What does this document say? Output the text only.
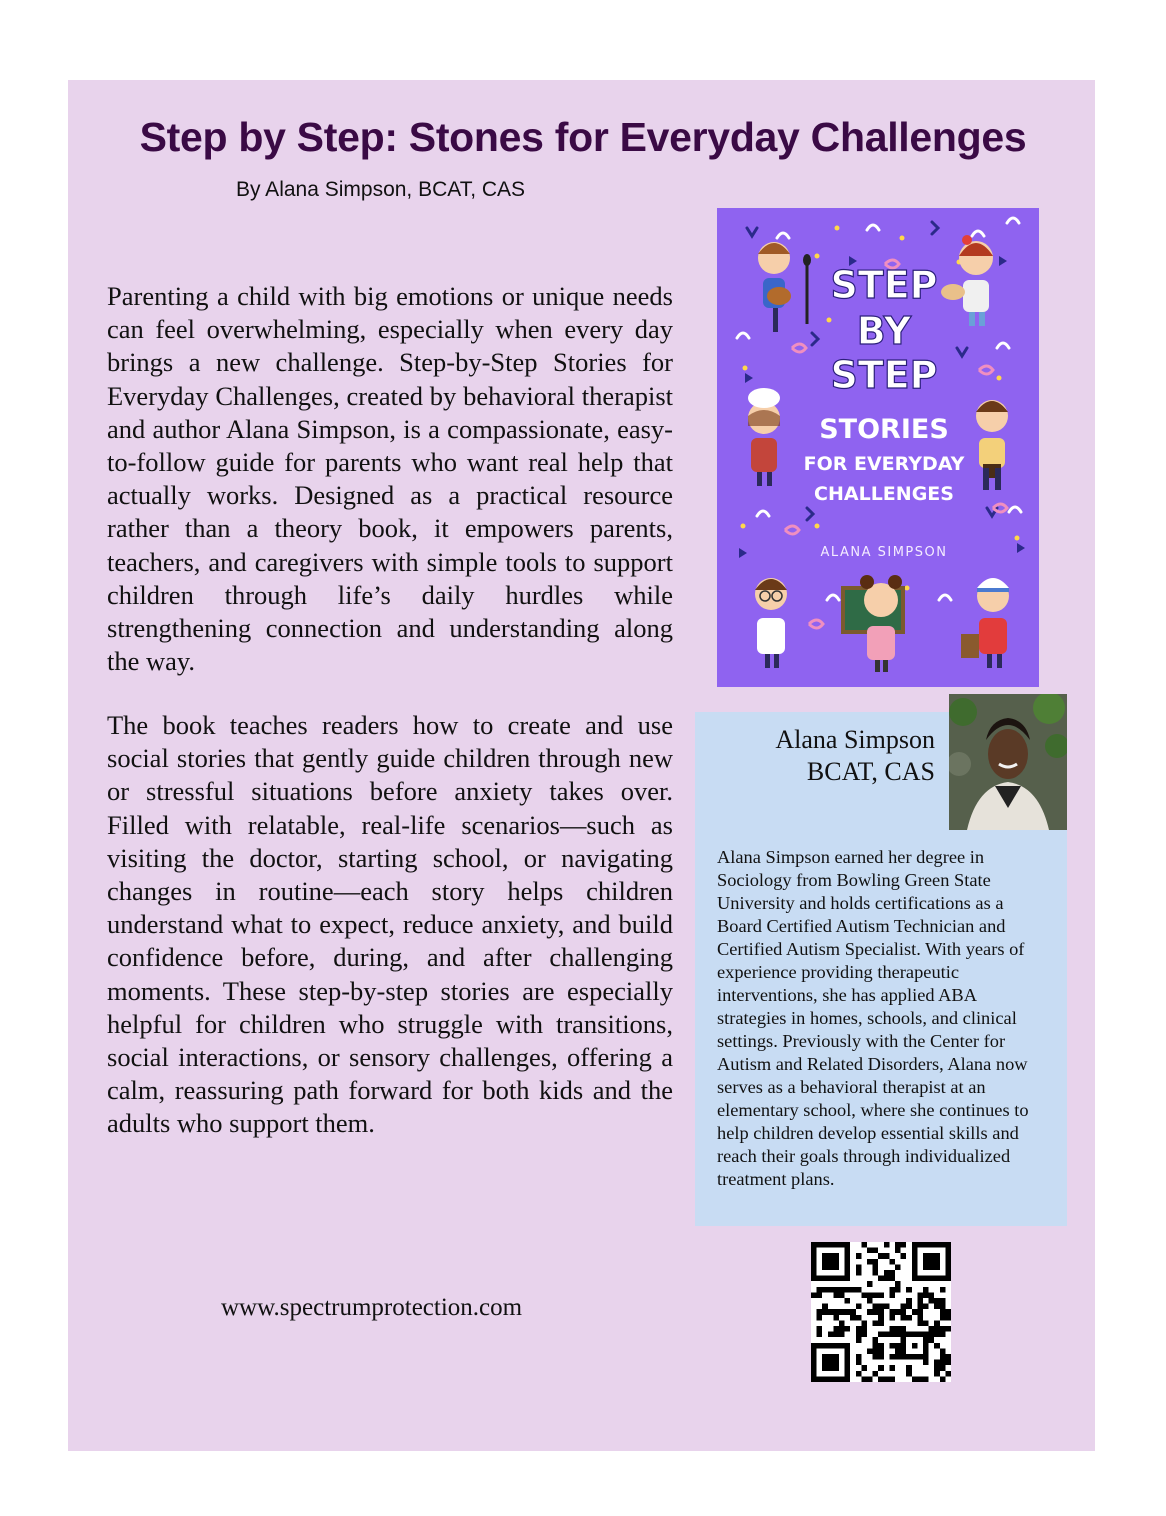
Step by Step: Stones for Everyday Challenges
By Alana Simpson, BCAT, CAS
Parenting a child with big emotions or unique needs can feel overwhelming, especially when every day brings a new challenge. Step-by-Step Stories for Everyday Challenges, created by behavioral therapist and author Alana Simpson, is a compassionate, easy-to-follow guide for parents who want real help that actually works. Designed as a practical resource rather than a theory book, it empowers parents, teachers, and caregivers with simple tools to support children through life’s daily hurdles while strengthening connection and understanding along the way.
The book teaches readers how to create and use social stories that gently guide children through new or stressful situations before anxiety takes over. Filled with relatable, real-life scenarios—such as visiting the doctor, starting school, or navigating changes in routine—each story helps children understand what to expect, reduce anxiety, and build confidence before, during, and after challenging moments. These step-by-step stories are especially helpful for children who struggle with transitions, social interactions, or sensory challenges, offering a calm, reassuring path forward for both kids and the adults who support them.
STEP
BY
STEP
STORIES
FOR EVERYDAY
CHALLENGES
ALANA SIMPSON
Alana Simpson
BCAT, CAS
Alana Simpson earned her degree in Sociology from Bowling Green State University and holds certifications as a Board Certified Autism Technician and Certified Autism Specialist. With years of experience providing therapeutic interventions, she has applied ABA strategies in homes, schools, and clinical settings. Previously with the Center for Autism and Related Disorders, Alana now serves as a behavioral therapist at an elementary school, where she continues to help children develop essential skills and reach their goals through individualized treatment plans.
www.spectrumprotection.com
